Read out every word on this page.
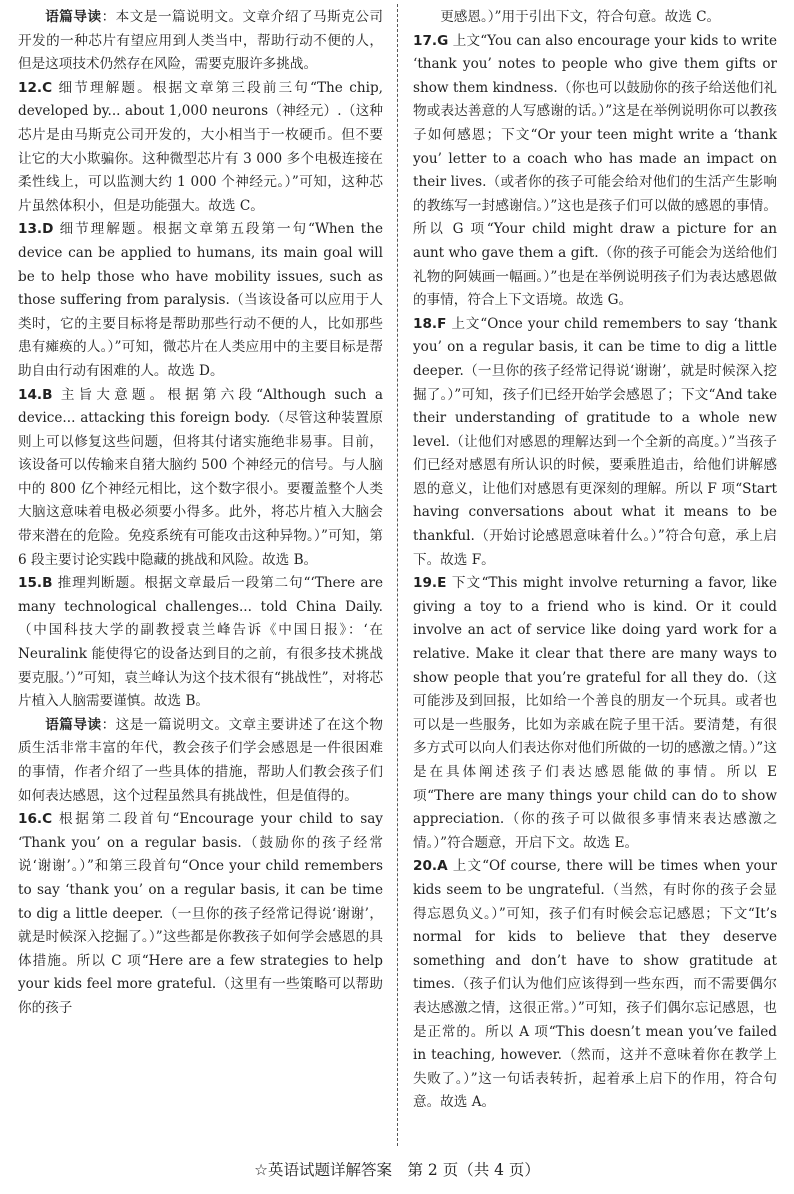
语篇导读：本文是一篇说明文。文章介绍了马斯克公司开发的一种芯片有望应用到人类当中，帮助行动不便的人，但是这项技术仍然存在风险，需要克服许多挑战。

12.C 细节理解题。根据文章第三段前三句“The chip, developed by... about 1,000 neurons（神经元）.（这种芯片是由马斯克公司开发的，大小相当于一枚硬币。但不要让它的大小欺骗你。这种微型芯片有 3 000 多个电极连接在柔性线上，可以监测大约 1 000 个神经元。）”可知，这种芯片虽然体积小，但是功能强大。故选 C。

13.D 细节理解题。根据文章第五段第一句“When the device can be applied to humans, its main goal will be to help those who have mobility issues, such as those suffering from paralysis.（当该设备可以应用于人类时，它的主要目标将是帮助那些行动不便的人，比如那些患有瘫痪的人。）”可知，微芯片在人类应用中的主要目标是帮助自由行动有困难的人。故选 D。

14.B 主旨大意题。根据第六段“Although such a device... attacking this foreign body.（尽管这种装置原则上可以修复这些问题，但将其付诸实施绝非易事。目前，该设备可以传输来自猪大脑约 500 个神经元的信号。与人脑中的 800 亿个神经元相比，这个数字很小。要覆盖整个人类大脑这意味着电极必须要小得多。此外，将芯片植入大脑会带来潜在的危险。免疫系统有可能攻击这种异物。）”可知，第 6 段主要讨论实践中隐藏的挑战和风险。故选 B。

15.B 推理判断题。根据文章最后一段第二句“‘There are many technological challenges... told China Daily.（中国科技大学的副教授袁兰峰告诉《中国日报》：‘在 Neuralink 能使得它的设备达到目的之前，有很多技术挑战要克服。’）”可知，袁兰峰认为这个技术很有“挑战性”，对将芯片植入人脑需要谨慎。故选 B。

语篇导读：这是一篇说明文。文章主要讲述了在这个物质生活非常丰富的年代，教会孩子们学会感恩是一件很困难的事情，作者介绍了一些具体的措施，帮助人们教会孩子们如何表达感恩，这个过程虽然具有挑战性，但是值得的。

16.C 根据第二段首句“Encourage your child to say ‘Thank you’ on a regular basis.（鼓励你的孩子经常说‘谢谢’。）”和第三段首句“Once your child remembers to say ‘thank you’ on a regular basis, it can be time to dig a little deeper.（一旦你的孩子经常记得说‘谢谢’，就是时候深入挖掘了。）”这些都是你教孩子如何学会感恩的具体措施。所以 C 项“Here are a few strategies to help your kids feel more grateful.（这里有一些策略可以帮助你的孩子

更感恩。）”用于引出下文，符合句意。故选 C。

17.G 上文“You can also encourage your kids to write ‘thank you’ notes to people who give them gifts or show them kindness.（你也可以鼓励你的孩子给送他们礼物或表达善意的人写感谢的话。）”这是在举例说明你可以教孩子如何感恩；下文“Or your teen might write a ‘thank you’ letter to a coach who has made an impact on their lives.（或者你的孩子可能会给对他们的生活产生影响的教练写一封感谢信。）”这也是孩子们可以做的感恩的事情。所以 G 项“Your child might draw a picture for an aunt who gave them a gift.（你的孩子可能会为送给他们礼物的阿姨画一幅画。）”也是在举例说明孩子们为表达感恩做的事情，符合上下文语境。故选 G。

18.F 上文“Once your child remembers to say ‘thank you’ on a regular basis, it can be time to dig a little deeper.（一旦你的孩子经常记得说‘谢谢’，就是时候深入挖掘了。）”可知，孩子们已经开始学会感恩了；下文“And take their understanding of gratitude to a whole new level.（让他们对感恩的理解达到一个全新的高度。）”当孩子们已经对感恩有所认识的时候，要乘胜追击，给他们讲解感恩的意义，让他们对感恩有更深刻的理解。所以 F 项“Start having conversations about what it means to be thankful.（开始讨论感恩意味着什么。）”符合句意，承上启下。故选 F。

19.E 下文“This might involve returning a favor, like giving a toy to a friend who is kind. Or it could involve an act of service like doing yard work for a relative. Make it clear that there are many ways to show people that you’re grateful for all they do.（这可能涉及到回报，比如给一个善良的朋友一个玩具。或者也可以是一些服务，比如为亲戚在院子里干活。要清楚，有很多方式可以向人们表达你对他们所做的一切的感激之情。）”这是在具体阐述孩子们表达感恩能做的事情。所以 E 项“There are many things your child can do to show appreciation.（你的孩子可以做很多事情来表达感激之情。）”符合题意，开启下文。故选 E。

20.A 上文“Of course, there will be times when your kids seem to be ungrateful.（当然，有时你的孩子会显得忘恩负义。）”可知，孩子们有时候会忘记感恩；下文“It’s normal for kids to believe that they deserve something and don’t have to show gratitude at times.（孩子们认为他们应该得到一些东西，而不需要偶尔表达感激之情，这很正常。）”可知，孩子们偶尔忘记感恩，也是正常的。所以 A 项“This doesn’t mean you’ve failed in teaching, however.（然而，这并不意味着你在教学上失败了。）”这一句话表转折，起着承上启下的作用，符合句意。故选 A。

☆英语试题详解答案　第 2 页（共 4 页）
